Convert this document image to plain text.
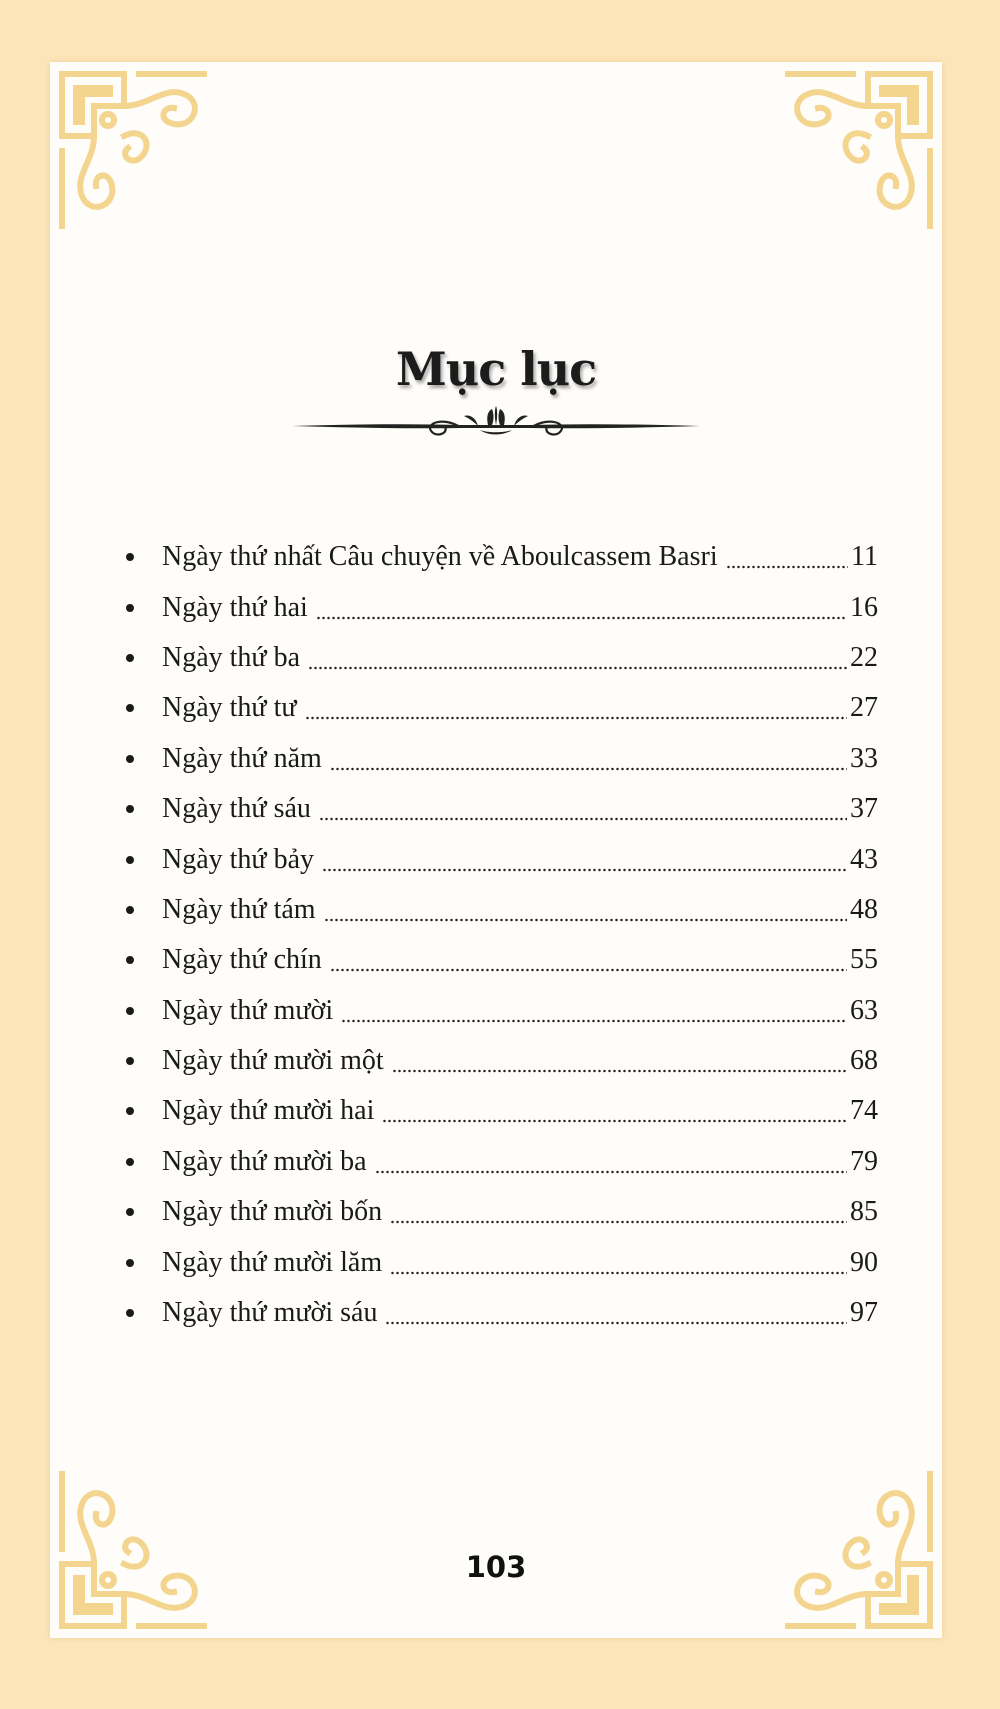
Mục lục
Ngày thứ nhất Câu chuyện về Aboulcassem Basri	11
Ngày thứ hai	16
Ngày thứ ba	22
Ngày thứ tư	27
Ngày thứ năm	33
Ngày thứ sáu	37
Ngày thứ bảy	43
Ngày thứ tám	48
Ngày thứ chín	55
Ngày thứ mười	63
Ngày thứ mười một	68
Ngày thứ mười hai	74
Ngày thứ mười ba	79
Ngày thứ mười bốn	85
Ngày thứ mười lăm	90
Ngày thứ mười sáu	97
103
